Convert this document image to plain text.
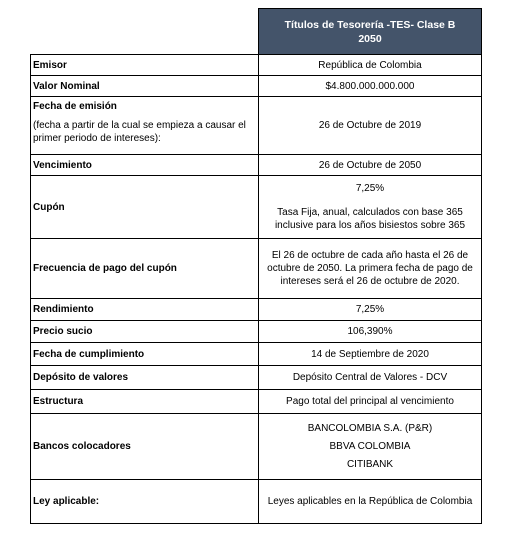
	Títulos de Tesorería -TES- Clase B
2050
Emisor	República de Colombia
Valor Nominal	$4.800.000.000.000

Fecha de emisión
(fecha a partir de la cual se empieza a causar el primer periodo de intereses):	26 de Octubre de 2019
Vencimiento	26 de Octubre de 2050
Cupón	7,25%
Tasa Fija, anual, calculados con base 365 inclusive para los años bisiestos sobre 365
Frecuencia de pago del cupón	El 26 de octubre de cada año hasta el 26 de octubre de 2050. La primera fecha de pago de intereses será el 26 de octubre de 2020.
Rendimiento	7,25%
Precio sucio	106,390%
Fecha de cumplimiento	14 de Septiembre de 2020
Depósito de valores	Depósito Central de Valores - DCV
Estructura	Pago total del principal al vencimiento
Bancos colocadores	BANCOLOMBIA S.A. (P&R)
BBVA COLOMBIA
CITIBANK

Ley aplicable:	Leyes aplicables en la República de Colombia
